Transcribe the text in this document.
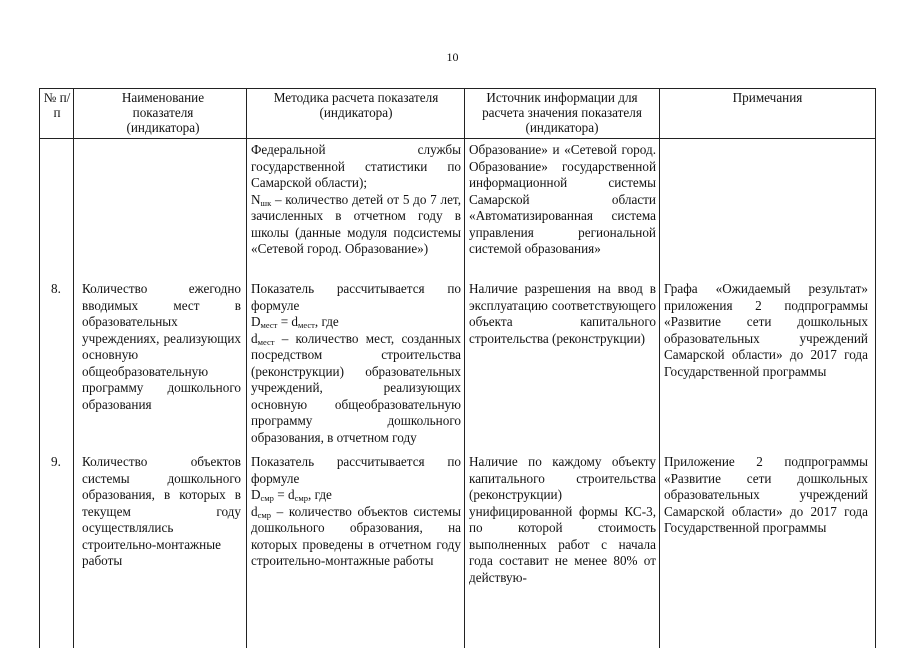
10
№ п/п
Наименование показателя (индикатора)
Методика расчета показателя (индикатора)
Источник информации для расчета значения показателя (индикатора)
Примечания
Федеральной службы государственной статистики по Самарской области);
$N_{шк}$ – количество детей от 5 до 7 лет, зачисленных в отчетном году в школы (данные модуля подсистемы «Сетевой город. Образование»)
Образование» и «Сетевой город. Образование» государственной информационной системы Самарской области «Автоматизированная система управления региональной системой образования»
8. Количество ежегодно вводимых мест в образовательных учреждениях, реализующих основную общеобразовательную программу дошкольного образования
Показатель рассчитывается по формуле
$D_{мест} = d_{мест}$, где
$d_{мест}$ – количество мест, созданных посредством строительства (реконструкции) образовательных учреждений, реализующих основную общеобразовательную программу дошкольного образования, в отчетном году
Наличие разрешения на ввод в эксплуатацию соответствующего объекта капитального строительства (реконструкции)
Графа «Ожидаемый результат» приложения 2 подпрограммы «Развитие сети дошкольных образовательных учреждений Самарской области» до 2017 года Государственной программы
9. Количество объектов системы дошкольного образования, в которых в текущем году осуществлялись строительно-монтажные работы
Показатель рассчитывается по формуле
$D_{смр} = d_{смр}$, где
$d_{смр}$ – количество объектов системы дошкольного образования, на которых проведены в отчетном году строительно-монтажные работы
Наличие по каждому объекту капитального строительства (реконструкции) унифицированной формы КС-3, по которой стоимость выполненных работ с начала года составит не менее 80% от действую-
Приложение 2 подпрограммы «Развитие сети дошкольных образовательных учреждений Самарской области» до 2017 года Государственной программы
